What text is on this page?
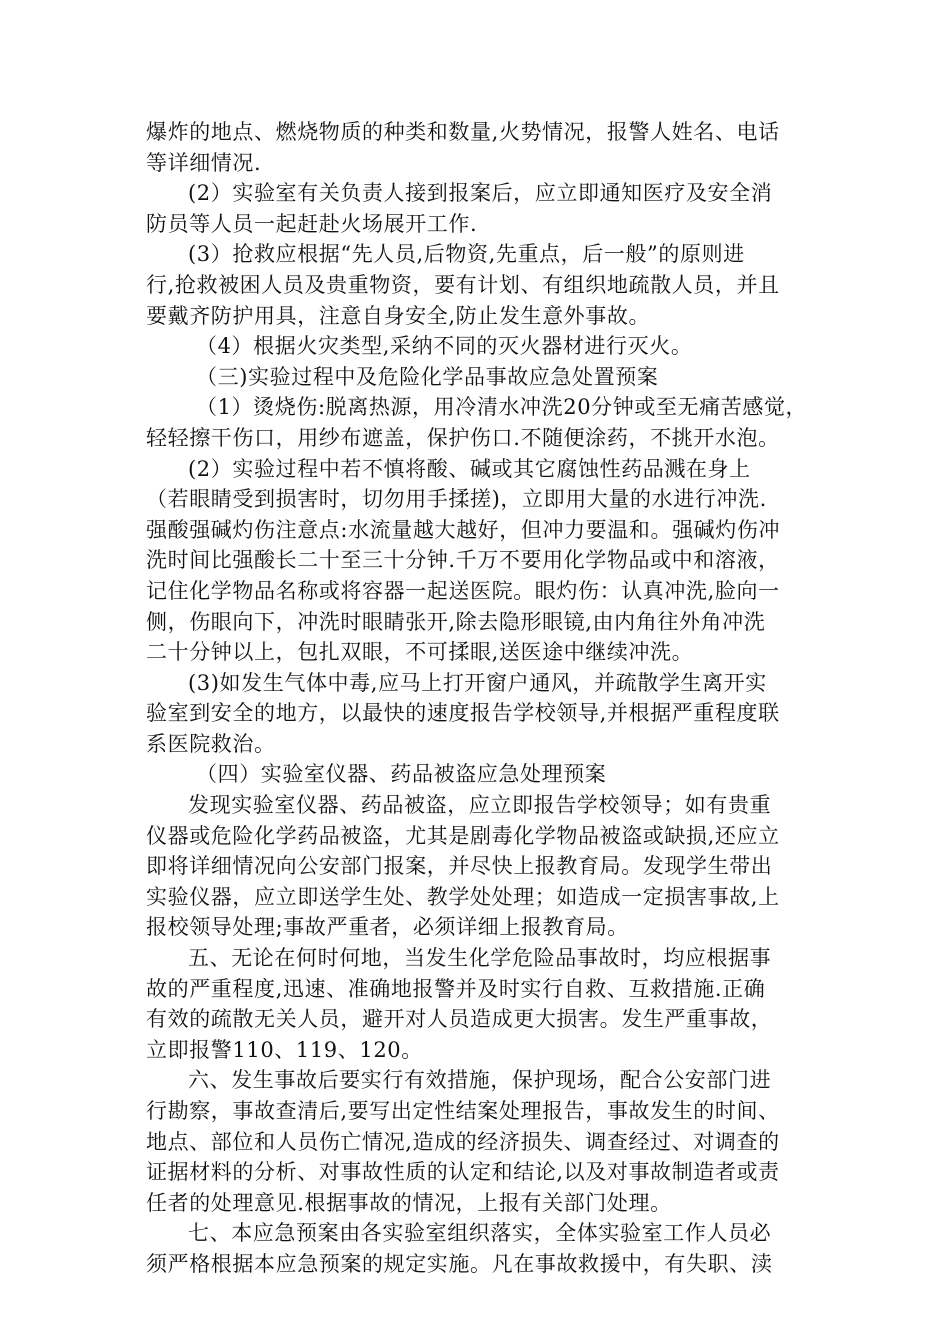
爆炸的地点、燃烧物质的种类和数量,火势情况，报警人姓名、电话
等详细情况.
(2）实验室有关负责人接到报案后，应立即通知医疗及安全消
防员等人员一起赶赴火场展开工作.
(3）抢救应根据“先人员,后物资,先重点，后一般”的原则进
行,抢救被困人员及贵重物资，要有计划、有组织地疏散人员，并且
要戴齐防护用具，注意自身安全,防止发生意外事故。
（4）根据火灾类型,采纳不同的灭火器材进行灭火。
（三)实验过程中及危险化学品事故应急处置预案
（1）烫烧伤:脱离热源，用冷清水冲洗20分钟或至无痛苦感觉，
轻轻擦干伤口，用纱布遮盖，保护伤口.不随便涂药，不挑开水泡。
(2）实验过程中若不慎将酸、碱或其它腐蚀性药品溅在身上
（若眼睛受到损害时，切勿用手揉搓)，立即用大量的水进行冲洗.
强酸强碱灼伤注意点:水流量越大越好，但冲力要温和。强碱灼伤冲
洗时间比强酸长二十至三十分钟.千万不要用化学物品或中和溶液，
记住化学物品名称或将容器一起送医院。眼灼伤：认真冲洗,脸向一
侧，伤眼向下，冲洗时眼睛张开,除去隐形眼镜,由内角往外角冲洗
二十分钟以上，包扎双眼，不可揉眼,送医途中继续冲洗。
(3)如发生气体中毒,应马上打开窗户通风，并疏散学生离开实
验室到安全的地方，以最快的速度报告学校领导,并根据严重程度联
系医院救治。
（四）实验室仪器、药品被盗应急处理预案
发现实验室仪器、药品被盗，应立即报告学校领导；如有贵重
仪器或危险化学药品被盗，尤其是剧毒化学物品被盗或缺损,还应立
即将详细情况向公安部门报案，并尽快上报教育局。发现学生带出
实验仪器，应立即送学生处、教学处处理；如造成一定损害事故,上
报校领导处理;事故严重者，必须详细上报教育局。
五、无论在何时何地，当发生化学危险品事故时，均应根据事
故的严重程度,迅速、准确地报警并及时实行自救、互救措施.正确
有效的疏散无关人员，避开对人员造成更大损害。发生严重事故，
立即报警110、119、120。
六、发生事故后要实行有效措施，保护现场，配合公安部门进
行勘察，事故查清后,要写出定性结案处理报告，事故发生的时间、
地点、部位和人员伤亡情况,造成的经济损失、调查经过、对调查的
证据材料的分析、对事故性质的认定和结论,以及对事故制造者或责
任者的处理意见.根据事故的情况，上报有关部门处理。
七、本应急预案由各实验室组织落实，全体实验室工作人员必
须严格根据本应急预案的规定实施。凡在事故救援中，有失职、渎
